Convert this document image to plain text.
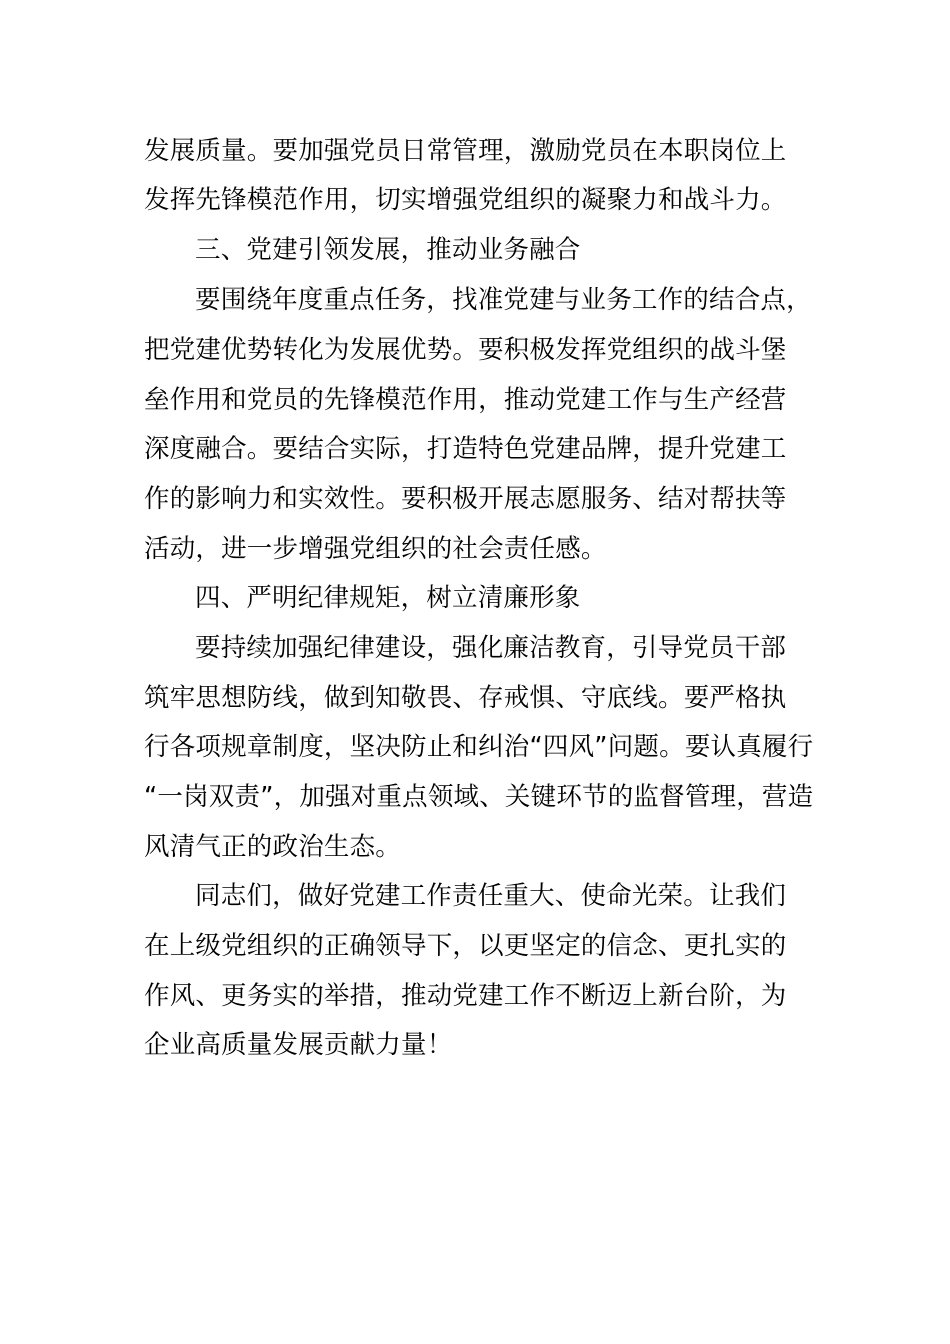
发展质量。要加强党员日常管理，激励党员在本职岗位上
发挥先锋模范作用，切实增强党组织的凝聚力和战斗力。
三、党建引领发展，推动业务融合
要围绕年度重点任务，找准党建与业务工作的结合点，
把党建优势转化为发展优势。要积极发挥党组织的战斗堡
垒作用和党员的先锋模范作用，推动党建工作与生产经营
深度融合。要结合实际，打造特色党建品牌，提升党建工
作的影响力和实效性。要积极开展志愿服务、结对帮扶等
活动，进一步增强党组织的社会责任感。
四、严明纪律规矩，树立清廉形象
要持续加强纪律建设，强化廉洁教育，引导党员干部
筑牢思想防线，做到知敬畏、存戒惧、守底线。要严格执
行各项规章制度，坚决防止和纠治“四风”问题。要认真履行
“一岗双责”，加强对重点领域、关键环节的监督管理，营造
风清气正的政治生态。
同志们，做好党建工作责任重大、使命光荣。让我们
在上级党组织的正确领导下，以更坚定的信念、更扎实的
作风、更务实的举措，推动党建工作不断迈上新台阶，为
企业高质量发展贡献力量！
